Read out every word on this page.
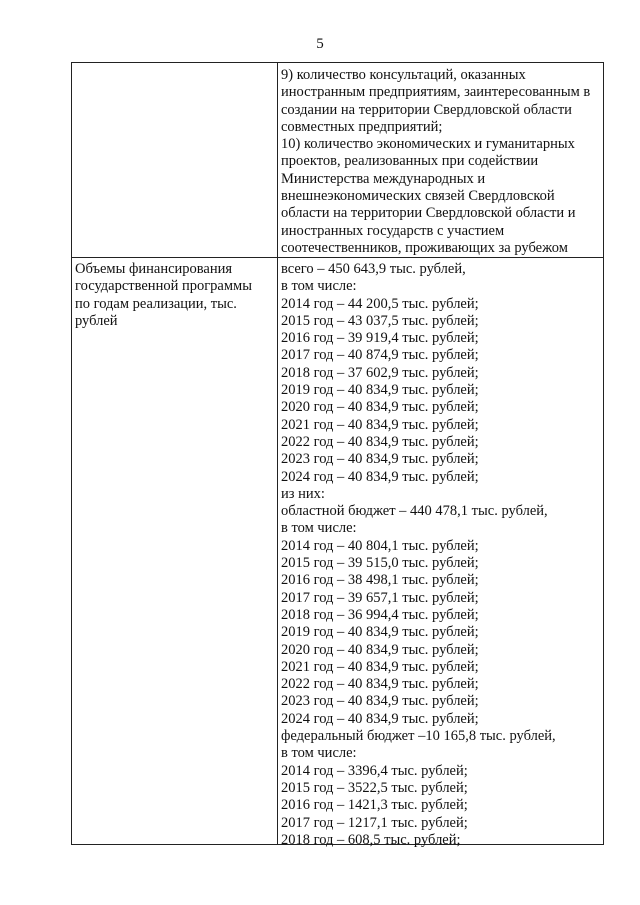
5
9) количество консультаций, оказанных
иностранным предприятиям, заинтересованным в
создании на территории Свердловской области
совместных предприятий;
10) количество экономических и гуманитарных
проектов, реализованных при содействии
Министерства международных и
внешнеэкономических связей Свердловской
области на территории Свердловской области и
иностранных государств с участием
соотечественников, проживающих за рубежом
Объемы финансирования
государственной программы
по годам реализации, тыс.
рублей
всего – 450 643,9 тыс. рублей,
в том числе:
2014 год – 44 200,5 тыс. рублей;
2015 год – 43 037,5 тыс. рублей;
2016 год – 39 919,4 тыс. рублей;
2017 год – 40 874,9 тыс. рублей;
2018 год – 37 602,9 тыс. рублей;
2019 год – 40 834,9 тыс. рублей;
2020 год – 40 834,9 тыс. рублей;
2021 год – 40 834,9 тыс. рублей;
2022 год – 40 834,9 тыс. рублей;
2023 год – 40 834,9 тыс. рублей;
2024 год – 40 834,9 тыс. рублей;
из них:
областной бюджет – 440 478,1 тыс. рублей,
в том числе:
2014 год – 40 804,1 тыс. рублей;
2015 год – 39 515,0 тыс. рублей;
2016 год – 38 498,1 тыс. рублей;
2017 год – 39 657,1 тыс. рублей;
2018 год – 36 994,4 тыс. рублей;
2019 год – 40 834,9 тыс. рублей;
2020 год – 40 834,9 тыс. рублей;
2021 год – 40 834,9 тыс. рублей;
2022 год – 40 834,9 тыс. рублей;
2023 год – 40 834,9 тыс. рублей;
2024 год – 40 834,9 тыс. рублей;
федеральный бюджет –10 165,8 тыс. рублей,
в том числе:
2014 год – 3396,4 тыс. рублей;
2015 год – 3522,5 тыс. рублей;
2016 год – 1421,3 тыс. рублей;
2017 год – 1217,1 тыс. рублей;
2018 год – 608,5 тыс. рублей;
